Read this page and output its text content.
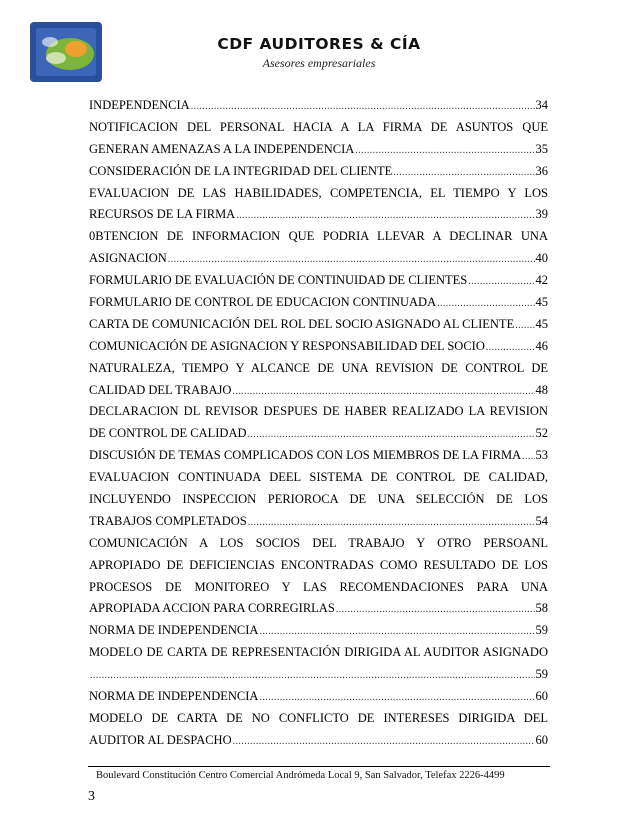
CDF AUDITORES & CÍA
Asesores empresariales
INDEPENDENCIA .....	34
NOTIFICACION DEL PERSONAL HACIA A LA FIRMA DE ASUNTOS QUE
GENERAN AMENAZAS A LA INDEPENDENCIA .....	35
CONSIDERACIÓN DE LA INTEGRIDAD DEL CLIENTE .....	36
EVALUACION DE LAS HABILIDADES, COMPETENCIA, EL TIEMPO Y LOS
RECURSOS DE LA FIRMA .....	39
0BTENCION DE INFORMACION QUE PODRIA LLEVAR A DECLINAR UNA
ASIGNACION .....	40
FORMULARIO DE EVALUACIÓN DE CONTINUIDAD DE CLIENTES .....	42
FORMULARIO DE CONTROL DE EDUCACION CONTINUADA .....	45
CARTA DE COMUNICACIÓN DEL ROL DEL SOCIO ASIGNADO AL CLIENTE ..... 45
COMUNICACIÓN DE ASIGNACION Y RESPONSABILIDAD DEL SOCIO .....	46
NATURALEZA, TIEMPO Y ALCANCE DE UNA REVISION DE CONTROL DE
CALIDAD DEL TRABAJO .....	48
DECLARACION DL REVISOR DESPUES DE HABER REALIZADO LA REVISION
DE CONTROL DE CALIDAD .....	52
DISCUSIÓN DE TEMAS COMPLICADOS CON LOS MIEMBROS DE LA FIRMA ..... 53
EVALUACION CONTINUADA DEEL SISTEMA DE CONTROL DE CALIDAD,
INCLUYENDO INSPECCION PERIOROCA DE UNA SELECCIÓN DE LOS
TRABAJOS COMPLETADOS .....	54
COMUNICACIÓN A LOS SOCIOS DEL TRABAJO Y OTRO PERSOANL
APROPIADO DE DEFICIENCIAS ENCONTRADAS COMO RESULTADO DE LOS
PROCESOS DE MONITOREO Y LAS RECOMENDACIONES PARA UNA
APROPIADA ACCION PARA CORREGIRLAS .....	58
NORMA DE INDEPENDENCIA .....	59
MODELO DE CARTA DE REPRESENTACIÓN DIRIGIDA AL AUDITOR ASIGNADO
.....
59
NORMA DE INDEPENDENCIA .....	60
MODELO DE CARTA DE NO CONFLICTO DE INTERESES DIRIGIDA DEL
AUDITOR AL DESPACHO .....	60
Boulevard Constitución Centro Comercial Andrómeda Local 9, San Salvador, Telefax 2226-4499
3
